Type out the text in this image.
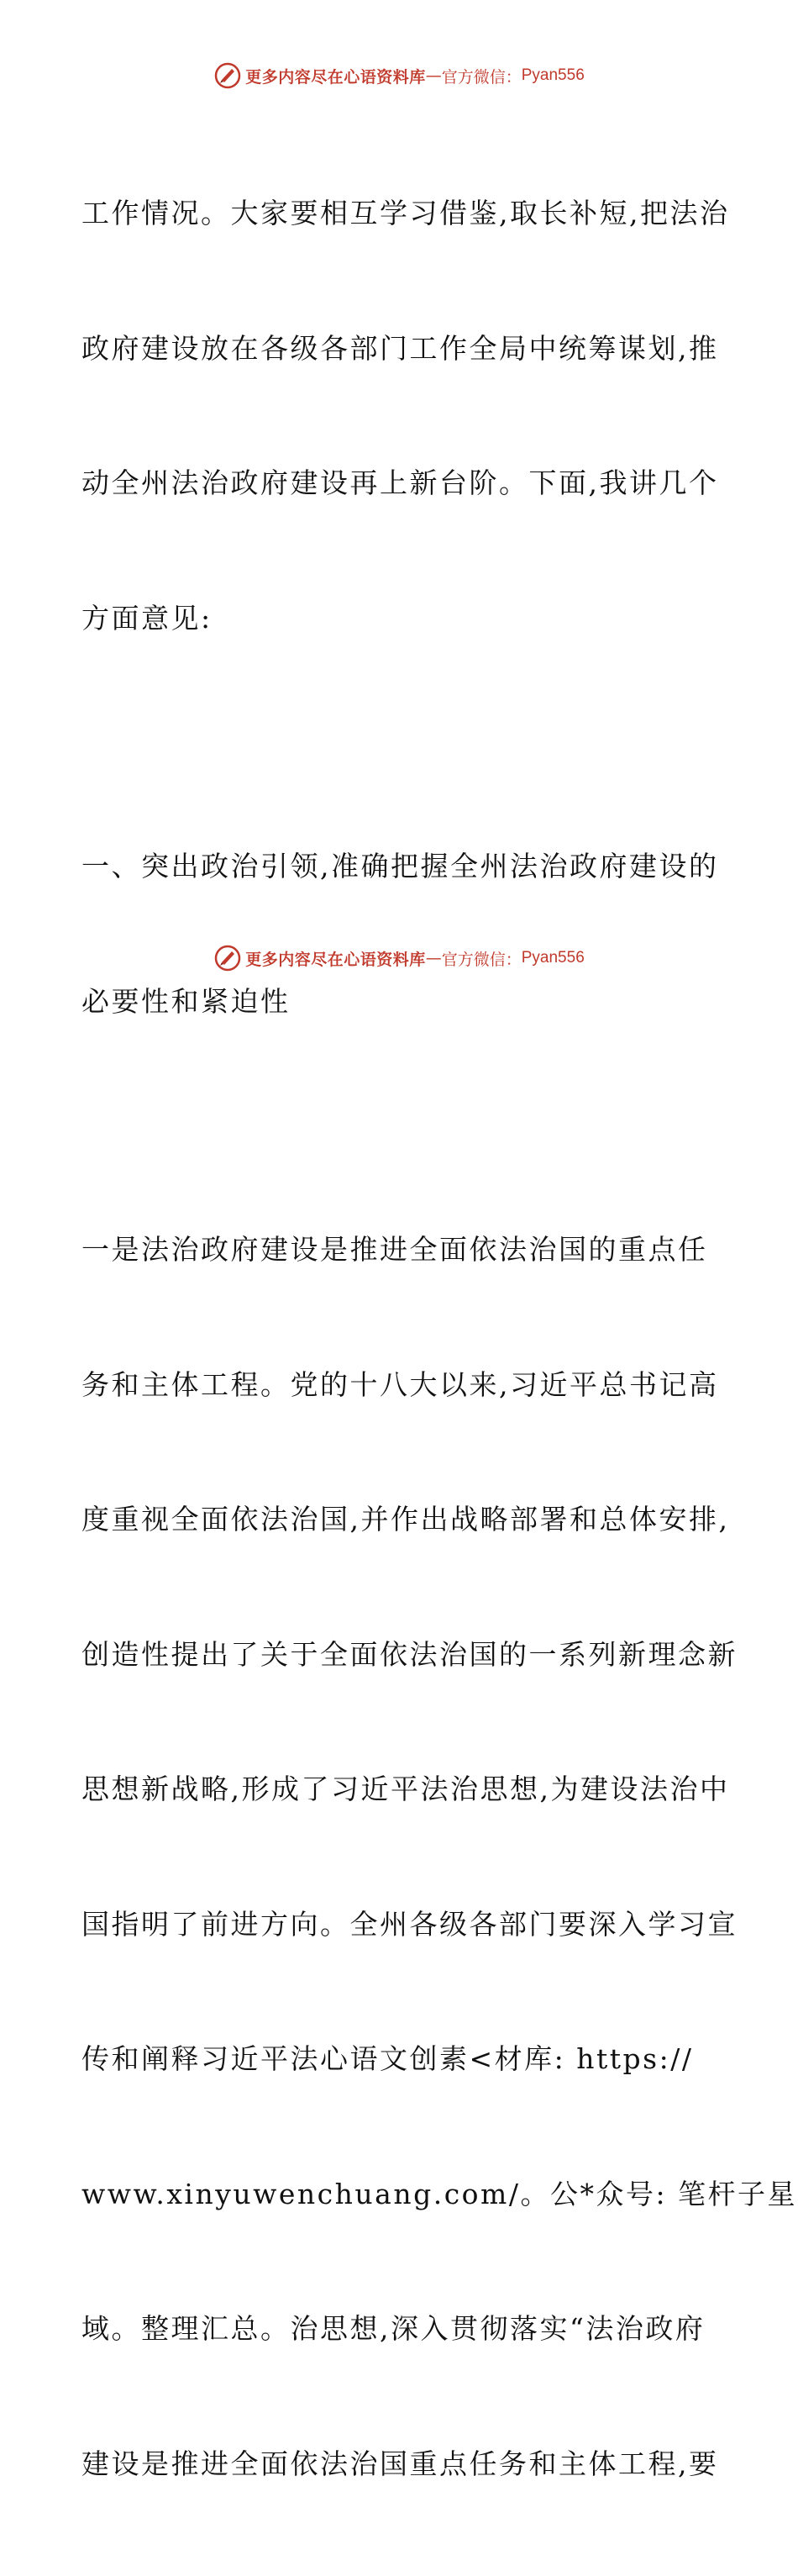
更多内容尽在心语资料库 — 官方微信： Pyan556

工作情况。大家要相互学习借鉴,取长补短,把法治

政府建设放在各级各部门工作全局中统筹谋划,推

动全州法治政府建设再上新台阶。下面,我讲几个

方面意见:

一、突出政治引领,准确把握全州法治政府建设的

必要性和紧迫性

一是法治政府建设是推进全面依法治国的重点任

务和主体工程。党的十八大以来,习近平总书记高

度重视全面依法治国,并作出战略部署和总体安排,

创造性提出了关于全面依法治国的一系列新理念新

思想新战略,形成了习近平法治思想,为建设法治中

国指明了前进方向。全州各级各部门要深入学习宣

传和阐释习近平法心语文创素<材库: https://

www.xinyuwenchuang.com/。公*众号: 笔杆子星

域。整理汇总。治思想,深入贯彻落实“法治政府

建设是推进全面依法治国重点任务和主体工程,要

更多内容尽在心语资料库 — 官方微信： Pyan556
